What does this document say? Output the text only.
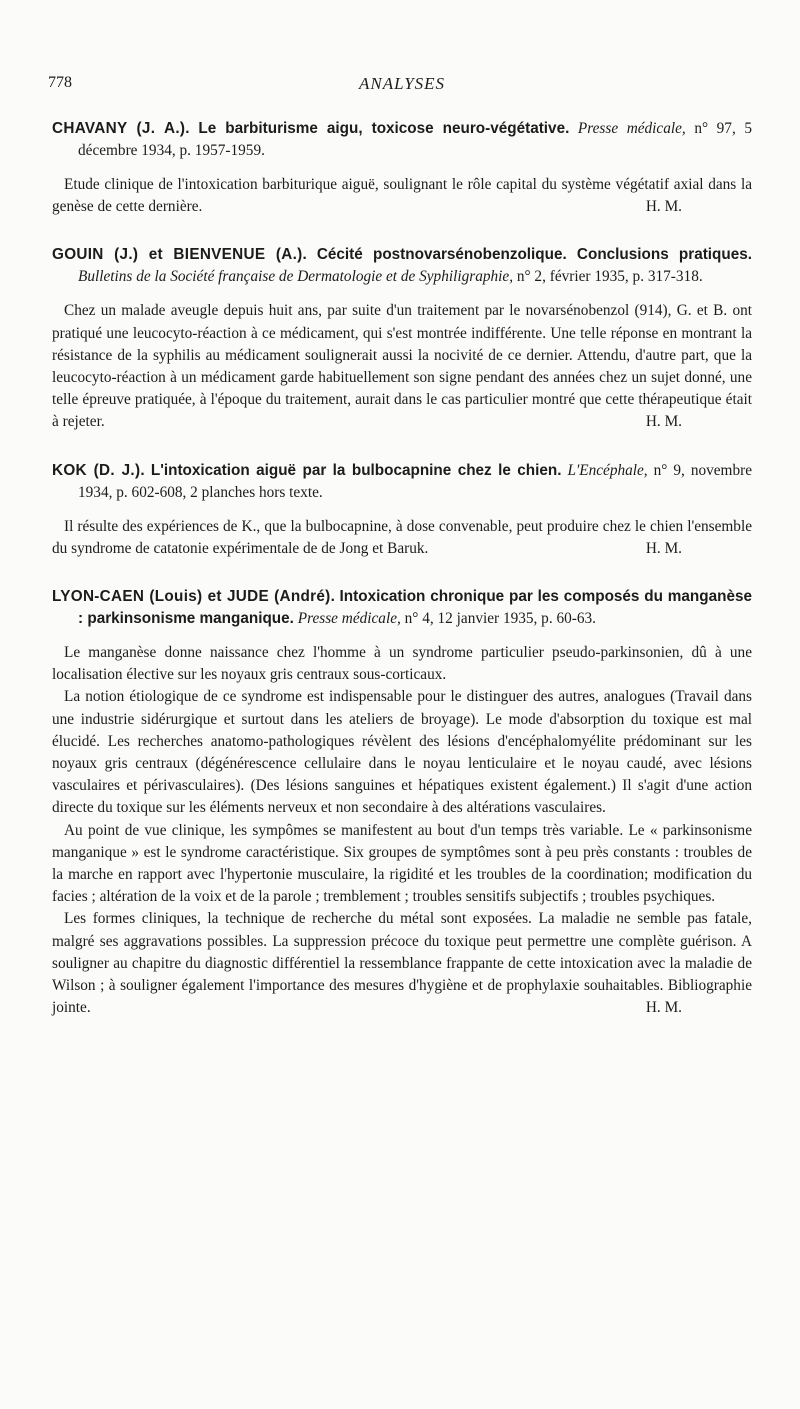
778	ANALYSES

CHAVANY (J. A.). Le barbiturisme aigu, toxicose neuro-végétative. Presse médicale, n° 97, 5 décembre 1934, p. 1957-1959.

Etude clinique de l'intoxication barbiturique aiguë, soulignant le rôle capital du système végétatif axial dans la genèse de cette dernière.	H. M.

GOUIN (J.) et BIENVENUE (A.). Cécité postnovarsénobenzolique. Conclusions pratiques. Bulletins de la Société française de Dermatologie et de Syphiligraphie, n° 2, février 1935, p. 317-318.

Chez un malade aveugle depuis huit ans, par suite d'un traitement par le novarsénobenzol (914), G. et B. ont pratiqué une leucocyto-réaction à ce médicament, qui s'est montrée indifférente. Une telle réponse en montrant la résistance de la syphilis au médicament soulignerait aussi la nocivité de ce dernier. Attendu, d'autre part, que la leucocyto-réaction à un médicament garde habituellement son signe pendant des années chez un sujet donné, une telle épreuve pratiquée, à l'époque du traitement, aurait dans le cas particulier montré que cette thérapeutique était à rejeter.	H. M.

KOK (D. J.). L'intoxication aiguë par la bulbocapnine chez le chien. L'Encéphale, n° 9, novembre 1934, p. 602-608, 2 planches hors texte.

Il résulte des expériences de K., que la bulbocapnine, à dose convenable, peut produire chez le chien l'ensemble du syndrome de catatonie expérimentale de de Jong et Baruk.	H. M.

LYON-CAEN (Louis) et JUDE (André). Intoxication chronique par les composés du manganèse : parkinsonisme manganique. Presse médicale, n° 4, 12 janvier 1935, p. 60-63.

Le manganèse donne naissance chez l'homme à un syndrome particulier pseudo-parkinsonien, dû à une localisation élective sur les noyaux gris centraux sous-corticaux.

La notion étiologique de ce syndrome est indispensable pour le distinguer des autres, analogues (Travail dans une industrie sidérurgique et surtout dans les ateliers de broyage). Le mode d'absorption du toxique est mal élucidé. Les recherches anatomo-pathologiques révèlent des lésions d'encéphalomyélite prédominant sur les noyaux gris centraux (dégénérescence cellulaire dans le noyau lenticulaire et le noyau caudé, avec lésions vasculaires et périvasculaires). (Des lésions sanguines et hépatiques existent également.) Il s'agit d'une action directe du toxique sur les éléments nerveux et non secondaire à des altérations vasculaires.

Au point de vue clinique, les sympômes se manifestent au bout d'un temps très variable. Le « parkinsonisme manganique » est le syndrome caractéristique. Six groupes de symptômes sont à peu près constants : troubles de la marche en rapport avec l'hypertonie musculaire, la rigidité et les troubles de la coordination; modification du facies ; altération de la voix et de la parole ; tremblement ; troubles sensitifs subjectifs ; troubles psychiques.

Les formes cliniques, la technique de recherche du métal sont exposées. La maladie ne semble pas fatale, malgré ses aggravations possibles. La suppression précoce du toxique peut permettre une complète guérison. A souligner au chapitre du diagnostic différentiel la ressemblance frappante de cette intoxication avec la maladie de Wilson ; à souligner également l'importance des mesures d'hygiène et de prophylaxie souhaitables. Bibliographie jointe.	H. M.
